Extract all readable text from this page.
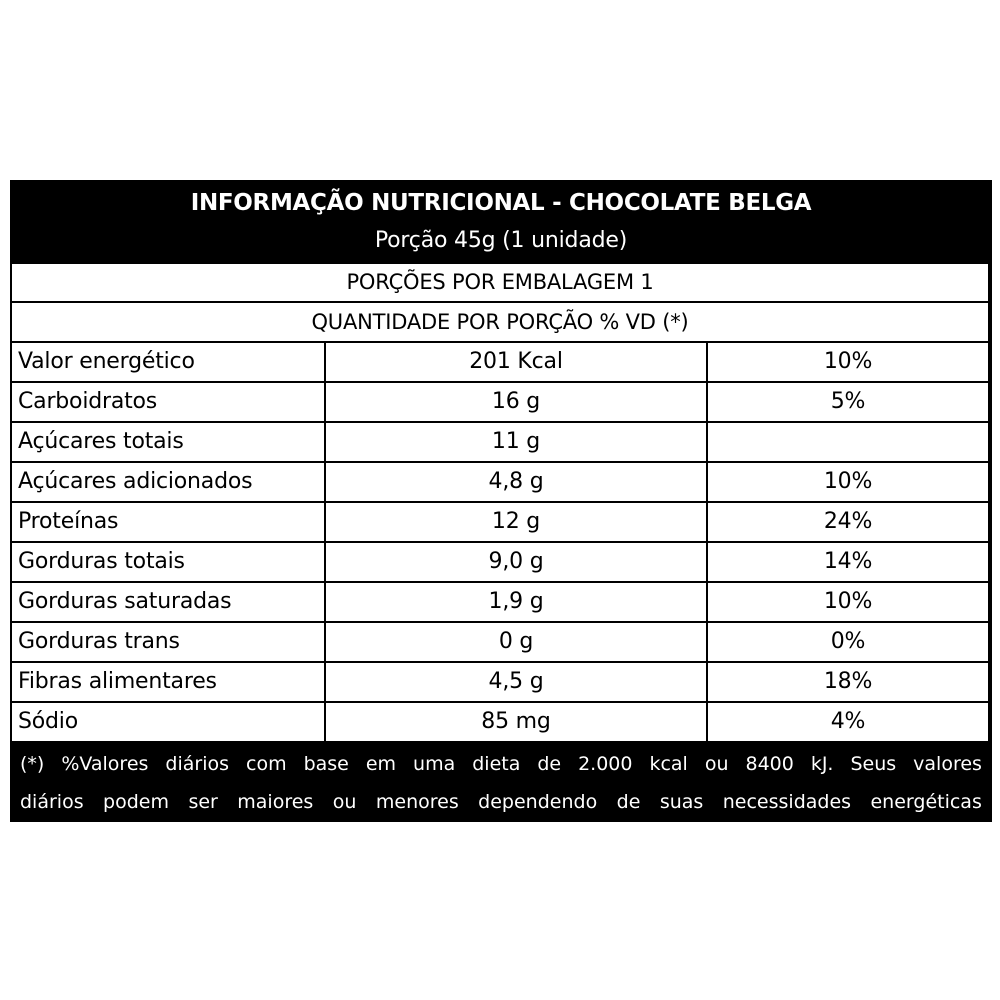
INFORMAÇÃO NUTRICIONAL - CHOCOLATE BELGA
Porção 45g (1 unidade)
PORÇÕES POR EMBALAGEM 1
QUANTIDADE POR PORÇÃO % VD (*)
Valor energético	201 Kcal	10%
Carboidratos	16 g	5%
Açúcares totais	11 g
Açúcares adicionados	4,8 g	10%
Proteínas	12 g	24%
Gorduras totais	9,0 g	14%
Gorduras saturadas	1,9 g	10%
Gorduras trans	0 g	0%
Fibras alimentares	4,5 g	18%
Sódio	85 mg	4%
(*) %Valores diários com base em uma dieta de 2.000 kcal ou 8400 kJ. Seus valores
diários podem ser maiores ou menores dependendo de suas necessidades energéticas
